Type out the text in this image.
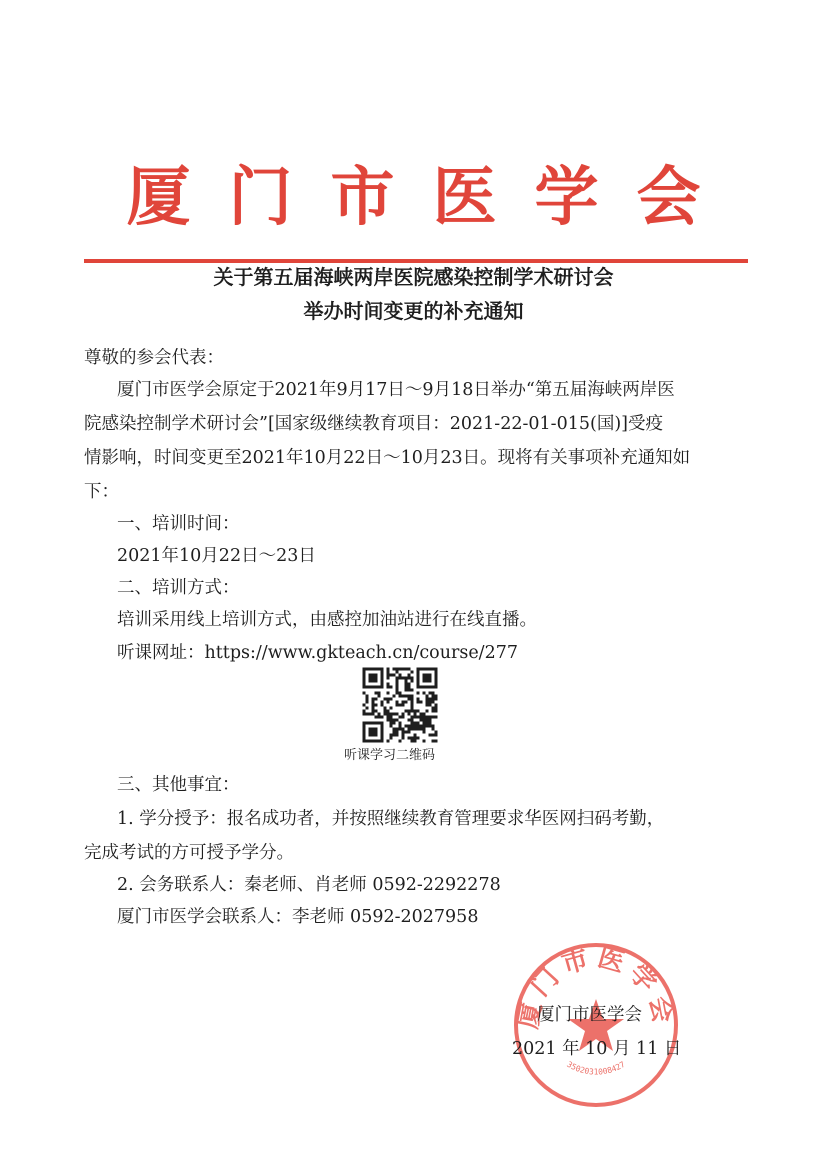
厦门市医学会
关于第五届海峡两岸医院感染控制学术研讨会
举办时间变更的补充通知
尊敬的参会代表：
厦门市医学会原定于2021年9月17日～9月18日举办“第五届海峡两岸医
院感染控制学术研讨会”[国家级继续教育项目：2021-22-01-015(国)]受疫
情影响，时间变更至2021年10月22日～10月23日。现将有关事项补充通知如
下：
一、培训时间：
2021年10月22日～23日
二、培训方式：
培训采用线上培训方式，由感控加油站进行在线直播。
听课网址：https://www.gkteach.cn/course/277
听课学习二维码
三、其他事宜：
1. 学分授予：报名成功者，并按照继续教育管理要求华医网扫码考勤，
完成考试的方可授予学分。
2. 会务联系人：秦老师、肖老师 0592-2292278
厦门市医学会联系人：李老师 0592-2027958
厦门市医学会
3502031008427
厦门市医学会
2021 年 10 月 11 日
